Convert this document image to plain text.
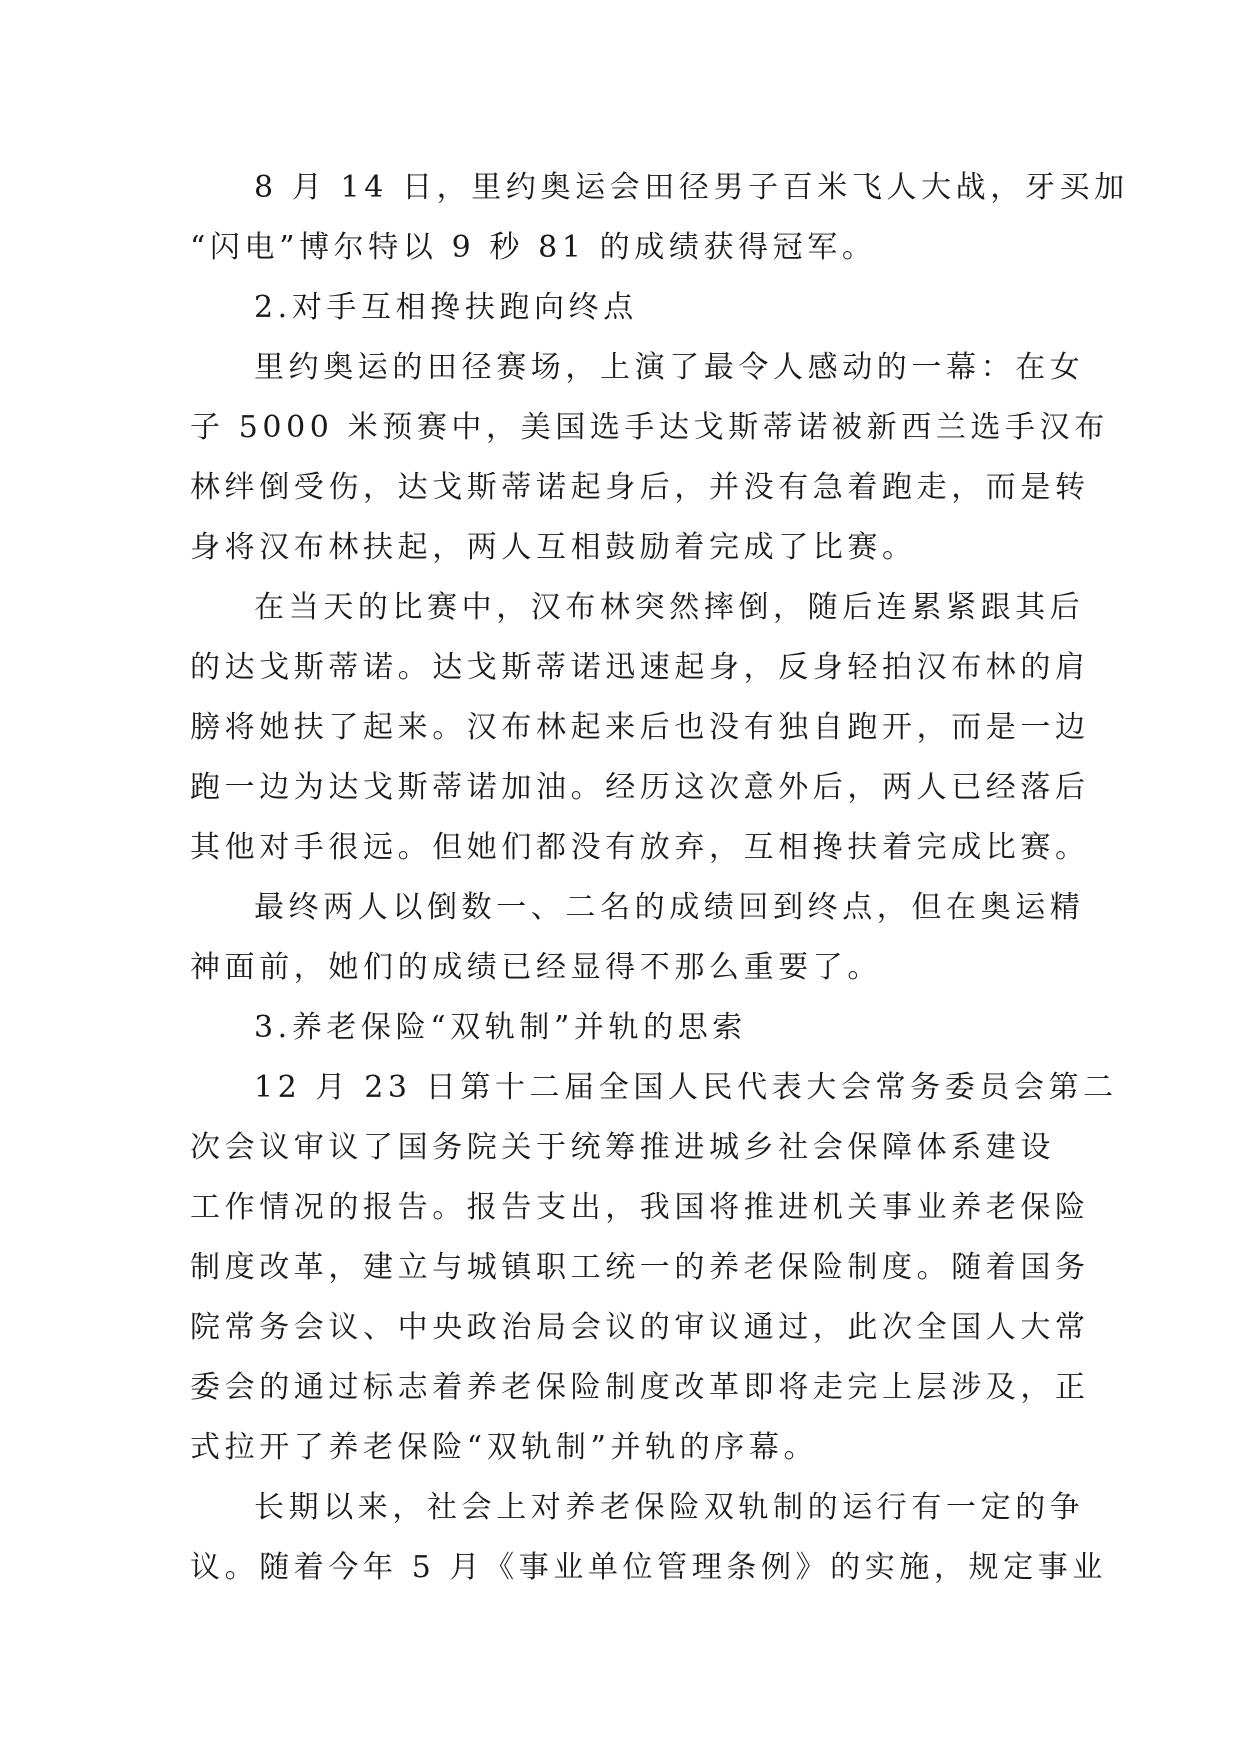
8 月 14 日，里约奥运会田径男子百米飞人大战，牙买加
“闪电”博尔特以 9 秒 81 的成绩获得冠军。
2.对手互相搀扶跑向终点
里约奥运的田径赛场，上演了最令人感动的一幕：在女
子 5000 米预赛中，美国选手达戈斯蒂诺被新西兰选手汉布
林绊倒受伤，达戈斯蒂诺起身后，并没有急着跑走，而是转
身将汉布林扶起，两人互相鼓励着完成了比赛。
在当天的比赛中，汉布林突然摔倒，随后连累紧跟其后
的达戈斯蒂诺。达戈斯蒂诺迅速起身，反身轻拍汉布林的肩
膀将她扶了起来。汉布林起来后也没有独自跑开，而是一边
跑一边为达戈斯蒂诺加油。经历这次意外后，两人已经落后
其他对手很远。但她们都没有放弃，互相搀扶着完成比赛。
最终两人以倒数一、二名的成绩回到终点，但在奥运精
神面前，她们的成绩已经显得不那么重要了。
3.养老保险“双轨制”并轨的思索
12 月 23 日第十二届全国人民代表大会常务委员会第二
次会议审议了国务院关于统筹推进城乡社会保障体系建设
工作情况的报告。报告支出，我国将推进机关事业养老保险
制度改革，建立与城镇职工统一的养老保险制度。随着国务
院常务会议、中央政治局会议的审议通过，此次全国人大常
委会的通过标志着养老保险制度改革即将走完上层涉及，正
式拉开了养老保险“双轨制”并轨的序幕。
长期以来，社会上对养老保险双轨制的运行有一定的争
议。随着今年 5 月《事业单位管理条例》的实施，规定事业
